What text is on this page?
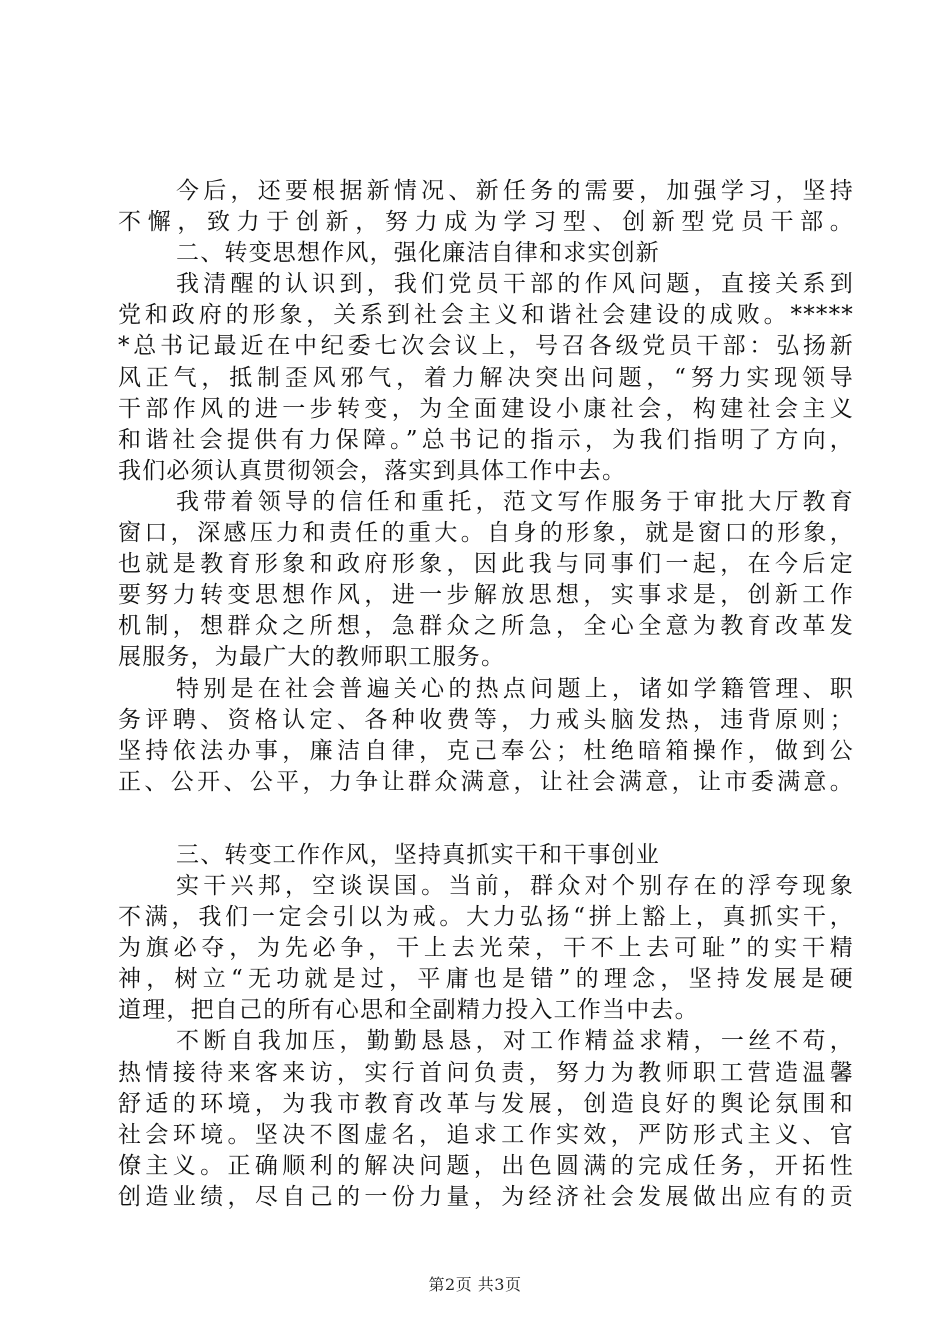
今后，还要根据新情况、新任务的需要，加强学习，坚持
不懈，致力于创新，努力成为学习型、创新型党员干部。
二、转变思想作风，强化廉洁自律和求实创新
我清醒的认识到，我们党员干部的作风问题，直接关系到
党和政府的形象，关系到社会主义和谐社会建设的成败。*****
*总书记最近在中纪委七次会议上，号召各级党员干部：弘扬新
风正气，抵制歪风邪气，着力解决突出问题，“努力实现领导
干部作风的进一步转变，为全面建设小康社会，构建社会主义
和谐社会提供有力保障。”总书记的指示，为我们指明了方向，
我们必须认真贯彻领会，落实到具体工作中去。
我带着领导的信任和重托，范文写作服务于审批大厅教育
窗口，深感压力和责任的重大。自身的形象，就是窗口的形象，
也就是教育形象和政府形象，因此我与同事们一起，在今后定
要努力转变思想作风，进一步解放思想，实事求是，创新工作
机制，想群众之所想，急群众之所急，全心全意为教育改革发
展服务，为最广大的教师职工服务。
特别是在社会普遍关心的热点问题上，诸如学籍管理、职
务评聘、资格认定、各种收费等，力戒头脑发热，违背原则；
坚持依法办事，廉洁自律，克己奉公；杜绝暗箱操作，做到公
正、公开、公平，力争让群众满意，让社会满意，让市委满意。
三、转变工作作风，坚持真抓实干和干事创业
实干兴邦，空谈误国。当前，群众对个别存在的浮夸现象
不满，我们一定会引以为戒。大力弘扬“拼上豁上，真抓实干，
为旗必夺，为先必争，干上去光荣，干不上去可耻”的实干精
神，树立“无功就是过，平庸也是错”的理念，坚持发展是硬
道理，把自己的所有心思和全副精力投入工作当中去。
不断自我加压，勤勤恳恳，对工作精益求精，一丝不苟，
热情接待来客来访，实行首问负责，努力为教师职工营造温馨
舒适的环境，为我市教育改革与发展，创造良好的舆论氛围和
社会环境。坚决不图虚名，追求工作实效，严防形式主义、官
僚主义。正确顺利的解决问题，出色圆满的完成任务，开拓性
创造业绩，尽自己的一份力量，为经济社会发展做出应有的贡
第2页 共3页
